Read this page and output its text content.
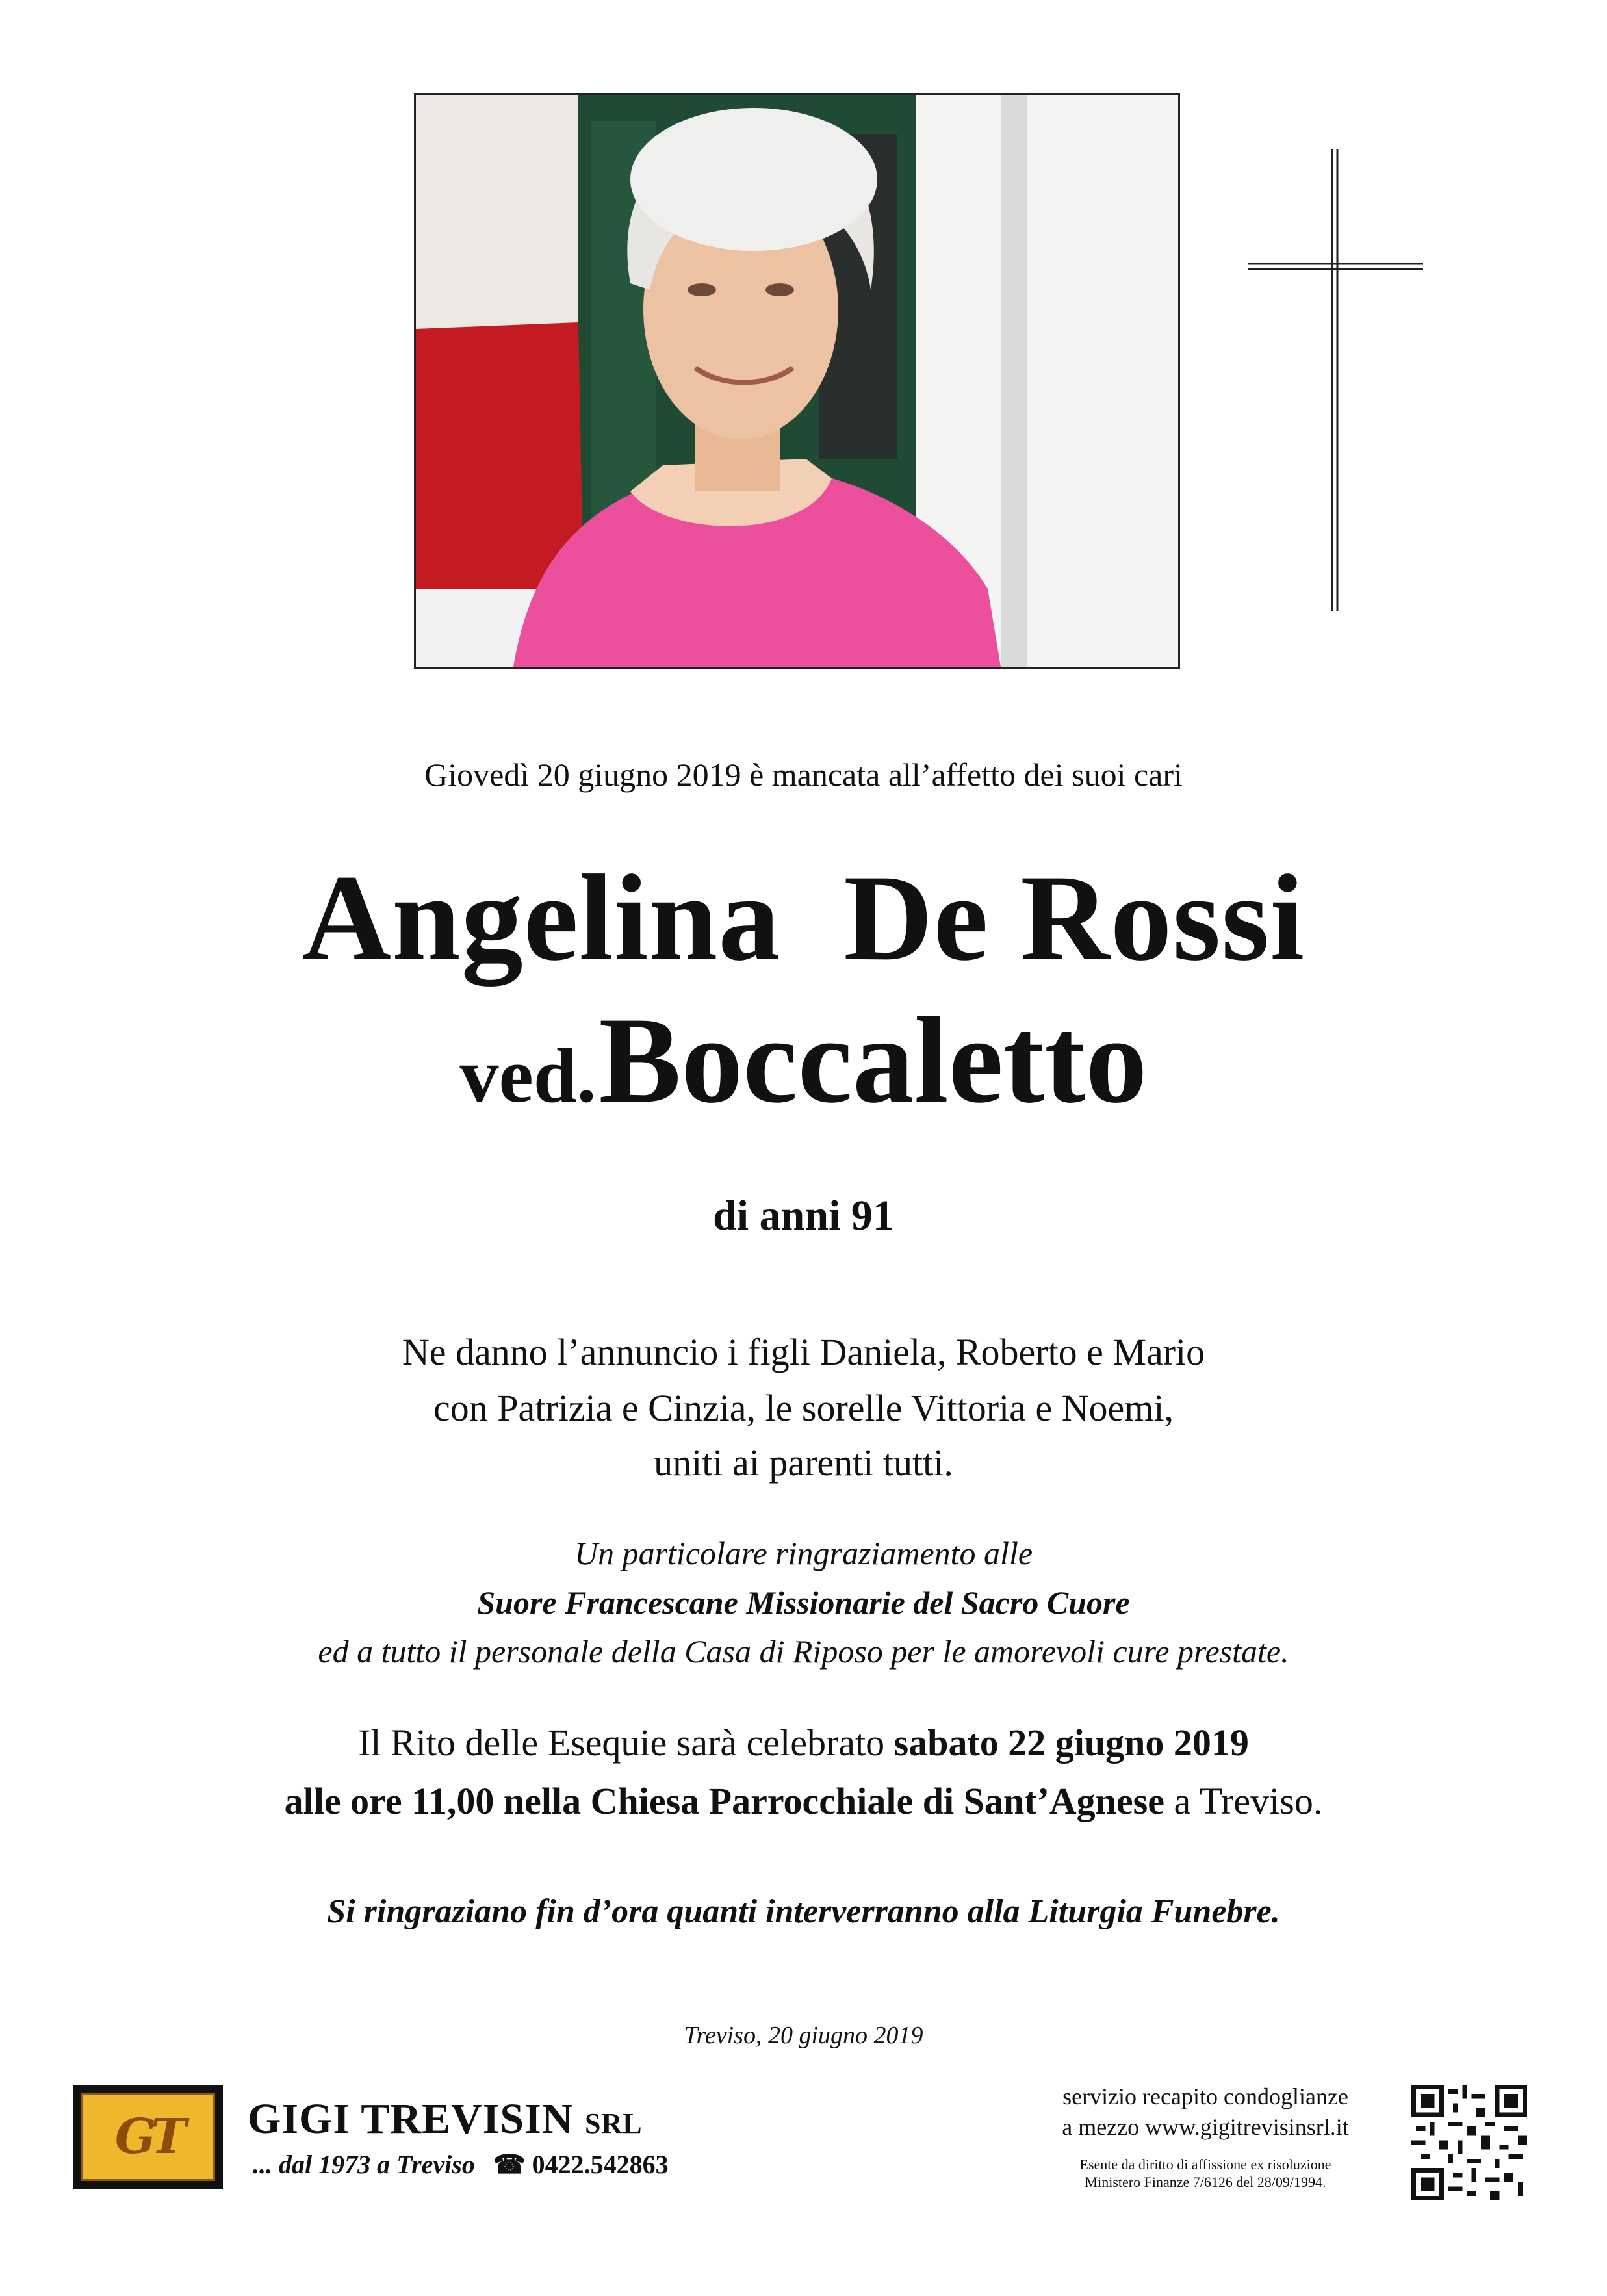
Giovedì 20 giugno 2019 è mancata all’affetto dei suoi cari
Angelina  De Rossi
ved. Boccaletto
di anni 91
Ne danno l’annuncio i figli Daniela, Roberto e Mario
con Patrizia e Cinzia, le sorelle Vittoria e Noemi,
uniti ai parenti tutti.
Un particolare ringraziamento alle
Suore Francescane Missionarie del Sacro Cuore
ed a tutto il personale della Casa di Riposo per le amorevoli cure prestate.
Il Rito delle Esequie sarà celebrato sabato 22 giugno 2019
alle ore 11,00 nella Chiesa Parrocchiale di Sant’Agnese a Treviso.
Si ringraziano fin d’ora quanti interverranno alla Liturgia Funebre.
Treviso, 20 giugno 2019
GT GIGI TREVISIN SRL
... dal 1973 a Treviso ☎ 0422.542863
servizio recapito condoglianze
a mezzo www.gigitrevisinsrl.it
Esente da diritto di affissione ex risoluzione
Ministero Finanze 7/6126 del 28/09/1994.
